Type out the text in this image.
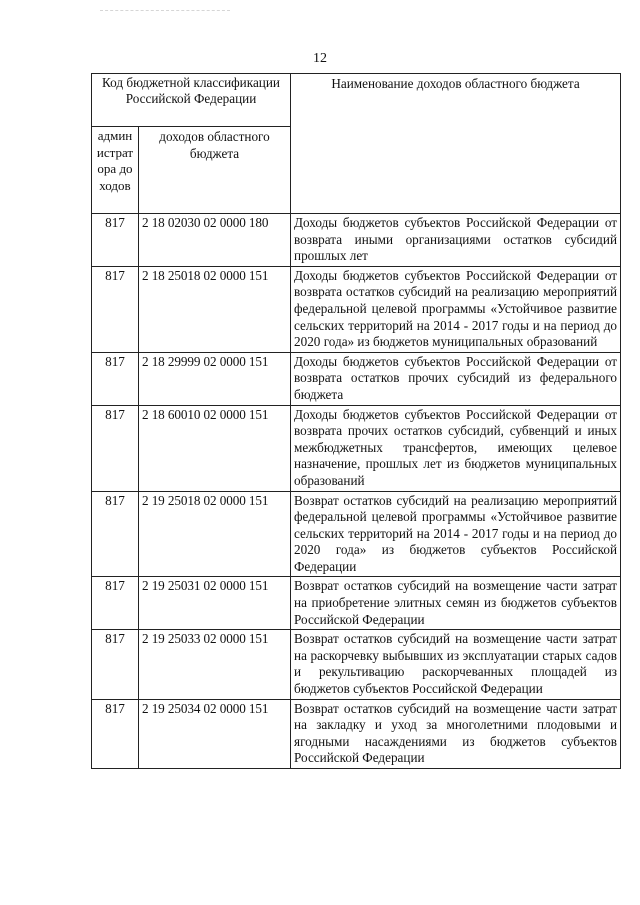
12
Код бюджетной классификации Российской Федерации		Наименование доходов областного бюджета

администратора доходов	доходов областного бюджета	
817	2 18 02030 02 0000 180	Доходы бюджетов субъектов Российской Федерации от возврата иными организациями остатков субсидий прошлых лет
817	2 18 25018 02 0000 151	Доходы бюджетов субъектов Российской Федерации от возврата остатков субсидий на реализацию мероприятий федеральной целевой программы «Устойчивое развитие сельских территорий на 2014 - 2017 годы и на период до 2020 года» из бюджетов муниципальных образований
817	2 18 29999 02 0000 151	Доходы бюджетов субъектов Российской Федерации от возврата остатков прочих субсидий из федерального бюджета
817	2 18 60010 02 0000 151	Доходы бюджетов субъектов Российской Федерации от возврата прочих остатков субсидий, субвенций и иных межбюджетных трансфертов, имеющих целевое назначение, прошлых лет из бюджетов муниципальных образований
817	2 19 25018 02 0000 151	Возврат остатков субсидий на реализацию мероприятий федеральной целевой программы «Устойчивое развитие сельских территорий на 2014 - 2017 годы и на период до 2020 года» из бюджетов субъектов Российской Федерации
817	2 19 25031 02 0000 151	Возврат остатков субсидий на возмещение части затрат на приобретение элитных семян из бюджетов субъектов Российской Федерации
817	2 19 25033 02 0000 151	Возврат остатков субсидий на возмещение части затрат на раскорчевку выбывших из эксплуатации старых садов и рекультивацию раскорчеванных площадей из бюджетов субъектов Российской Федерации
817	2 19 25034 02 0000 151	Возврат остатков субсидий на возмещение части затрат на закладку и уход за многолетними плодовыми и ягодными насаждениями из бюджетов субъектов Российской Федерации
